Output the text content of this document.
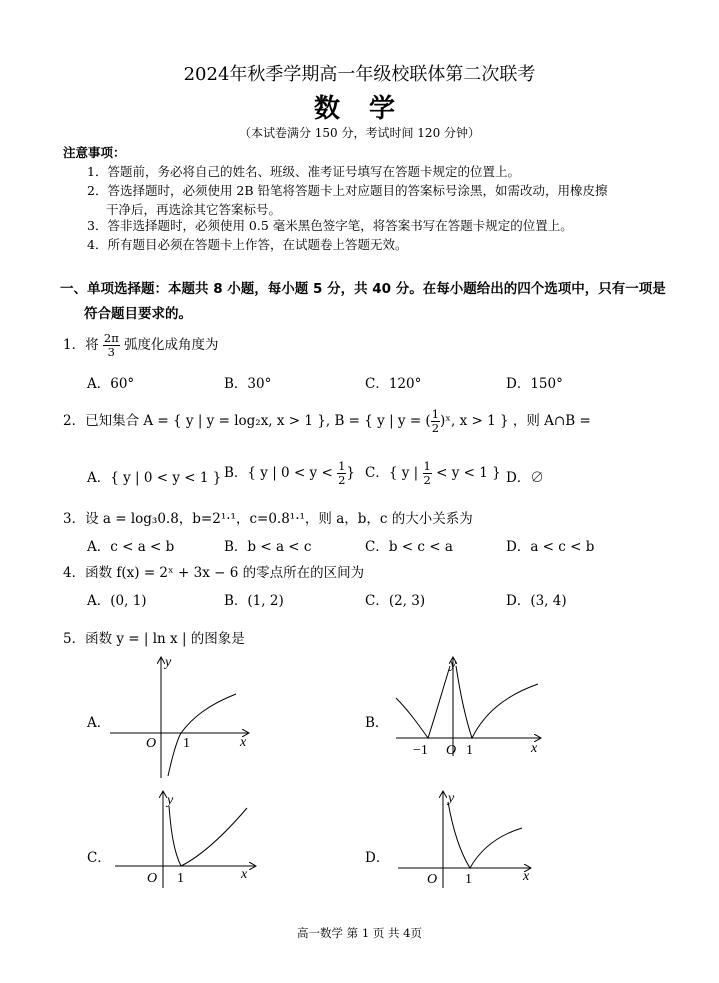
2024年秋季学期高一年级校联体第二次联考
数 学
（本试卷满分 150 分，考试时间 120 分钟）
注意事项：
1．答题前，务必将自己的姓名、班级、准考证号填写在答题卡规定的位置上。
2．答选择题时，必须使用 2B 铅笔将答题卡上对应题目的答案标号涂黑，如需改动，用橡皮擦
干净后，再选涂其它答案标号。
3．答非选择题时，必须使用 0.5 毫米黑色签字笔，将答案书写在答题卡规定的位置上。
4．所有题目必须在答题卡上作答，在试题卷上答题无效。
一、单项选择题：本题共 8 小题，每小题 5 分，共 40 分。在每小题给出的四个选项中，只有一项是
符合题目要求的。
1．将 $\frac{2\pi}{3}$ 弧度化成角度为
A．60°	B．30°	C．120°	D．150°
2．已知集合 A = { y | y = log₂x, x > 1 }, B = { y | y = ( $\frac{1}{2}$ )ˣ, x > 1 } ，则 A∩B =
A．{ y | 0 < y < 1 } B．{ y | $0 < y < \frac{1}{2}$ } C．{ y | $\frac{1}{2} < y < 1$ } D．∅
3．设 a = log₃0.8，b=2¹·¹，c=0.8¹·¹，则 a，b，c 的大小关系为
A．c < a < b	B．b < a < c	C．b < c < a	D．a < c < b
4．函数 f(x) = 2ˣ + 3x − 6 的零点所在的区间为
A．(0, 1)	B．(1, 2)	C．(2, 3)	D．(3, 4)
5．函数 y = | ln x | 的图象是
A．	B．
C．	D．
y
x
O 1
y
x
−1 O 1
y
x
O 1
y
x
O 1
高一数学 第 1 页 共 4页
